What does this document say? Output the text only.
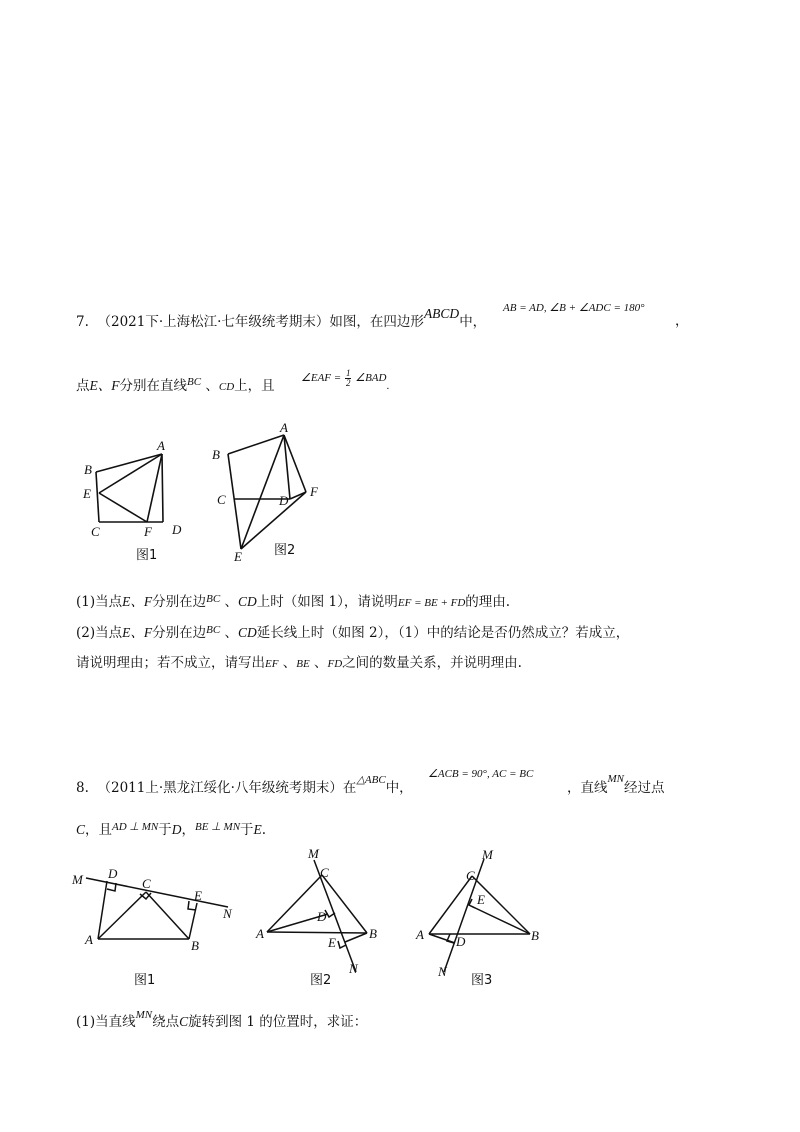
7. （2021下·上海松江·七年级统考期末）如图，在四边形ABCD中，
AB = AD, ∠B + ∠ADC = 180°
，
点E、F分别在直线$^{BC}$ 、CD上，且 ∠EAF = $\frac{1}{2}$ ∠BAD.
A
B
E
C	F D
图1
A
B
C	D
F
E 图2
(1)当点E、F分别在边$^{BC}$ 、CD上时（如图 1），请说明EF = BE + FD的理由.
(2)当点E、F分别在边$^{BC}$ 、CD延长线上时（如图 2），（1）中的结论是否仍然成立？若成立，
请说明理由；若不成立，请写出EF 、BE 、FD之间的数量关系，并说明理由.
8. （2011上·黑龙江绥化·八年级统考期末）在$^{\triangle ABC}$中，
∠ACB = 90°, AC = BC
，直线$^{MN}$经过点
C，且$^{AD \perp MN}$于D，$^{BE \perp MN}$于E.
M D
C
E
N
A	B
图1
M
C
D
A
E
B
N
图2
M
C
E
A D	B
N
图3
(1)当直线$^{MN}$绕点C旋转到图 1 的位置时，求证：
